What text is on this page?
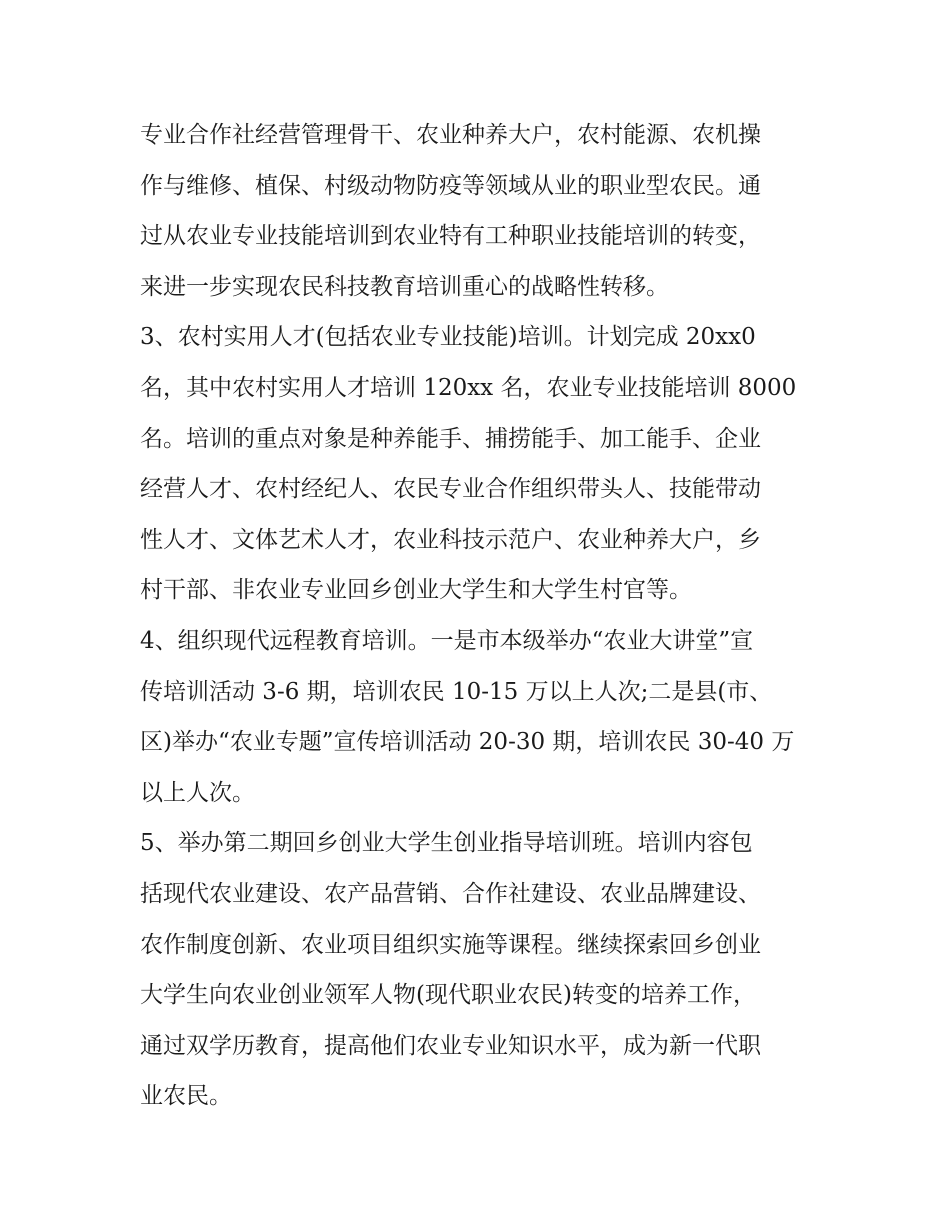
专业合作社经营管理骨干、农业种养大户，农村能源、农机操
作与维修、植保、村级动物防疫等领域从业的职业型农民。通
过从农业专业技能培训到农业特有工种职业技能培训的转变，
来进一步实现农民科技教育培训重心的战略性转移。
3、农村实用人才(包括农业专业技能)培训。计划完成 20xx0
名，其中农村实用人才培训 120xx 名，农业专业技能培训 8000
名。培训的重点对象是种养能手、捕捞能手、加工能手、企业
经营人才、农村经纪人、农民专业合作组织带头人、技能带动
性人才、文体艺术人才，农业科技示范户、农业种养大户，乡
村干部、非农业专业回乡创业大学生和大学生村官等。
4、组织现代远程教育培训。一是市本级举办“农业大讲堂”宣
传培训活动 3-6 期，培训农民 10-15 万以上人次;二是县(市、
区)举办“农业专题”宣传培训活动 20-30 期，培训农民 30-40 万
以上人次。
5、举办第二期回乡创业大学生创业指导培训班。培训内容包
括现代农业建设、农产品营销、合作社建设、农业品牌建设、
农作制度创新、农业项目组织实施等课程。继续探索回乡创业
大学生向农业创业领军人物(现代职业农民)转变的培养工作，
通过双学历教育，提高他们农业专业知识水平，成为新一代职
业农民。
